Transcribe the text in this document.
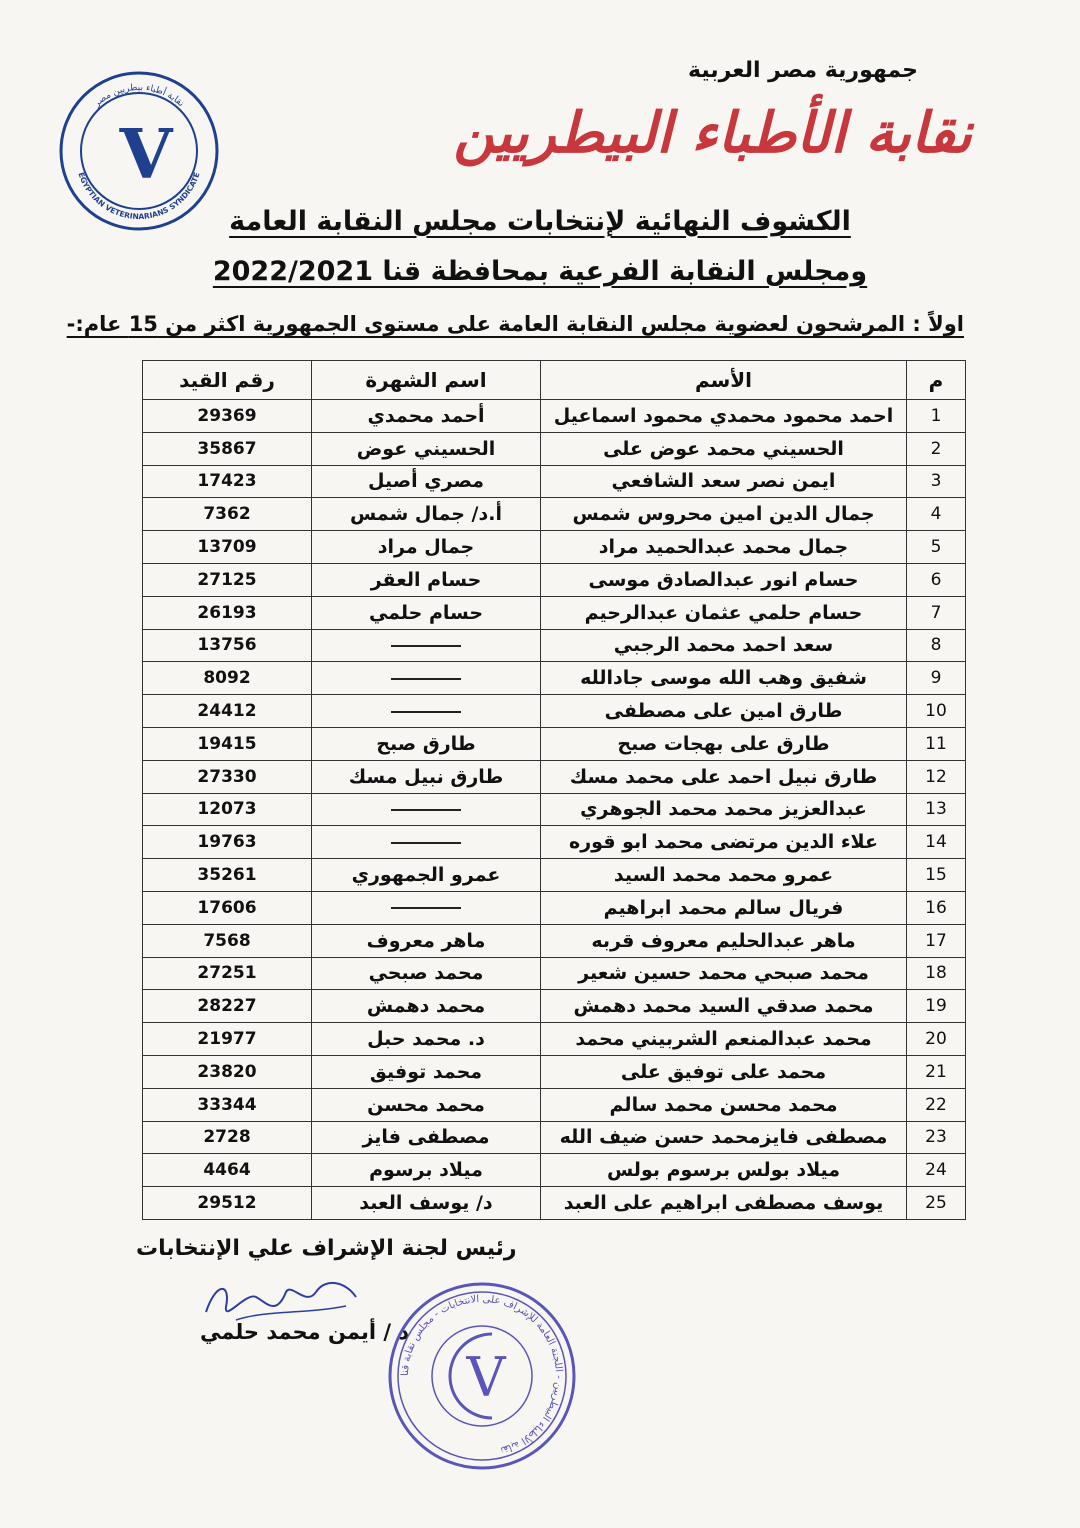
جمهورية مصر العربية
نقابة الأطباء البيطريين
V
نقابة أطباء بيطريين مصر
EGYPTIAN VETERINARIANS SYNDICATE
الكشوف النهائية لإنتخابات مجلس النقابة العامة
ومجلس النقابة الفرعية بمحافظة قنا 2022/2021
اولاً : المرشحون لعضوية مجلس النقابة العامة على مستوى الجمهورية اكثر من 15 عام:-
م	الأسم	اسم الشهرة	رقم القيد
1	احمد محمود محمدي محمود اسماعيل	أحمد محمدي	29369
2	الحسيني محمد عوض على	الحسيني عوض	35867
3	ايمن نصر سعد الشافعي	مصري أصيل	17423
4	جمال الدين امين محروس شمس	أ.د/ جمال شمس	7362
5	جمال محمد عبدالحميد مراد	جمال مراد	13709
6	حسام انور عبدالصادق موسى	حسام العقر	27125
7	حسام حلمي عثمان عبدالرحيم	حسام حلمي	26193
8	سعد احمد محمد الرجبي		13756
9	شفيق وهب الله موسى جادالله		8092
10	طارق امين على مصطفى		24412
11	طارق على بهجات صبح	طارق صبح	19415
12	طارق نبيل احمد على محمد مسك	طارق نبيل مسك	27330
13	عبدالعزيز محمد محمد الجوهري		12073
14	علاء الدين مرتضى محمد ابو قوره		19763
15	عمرو محمد محمد السيد	عمرو الجمهوري	35261
16	فريال سالم محمد ابراهيم		17606
17	ماهر عبدالحليم معروف قربه	ماهر معروف	7568
18	محمد صبحي محمد حسين شعير	محمد صبحي	27251
19	محمد صدقي السيد محمد دهمش	محمد دهمش	28227
20	محمد عبدالمنعم الشربيني محمد	د. محمد حبل	21977
21	محمد على توفيق على	محمد توفيق	23820
22	محمد محسن محمد سالم	محمد محسن	33344
23	مصطفى فايزمحمد حسن ضيف الله	مصطفى فايز	2728
24	ميلاد بولس برسوم بولس	ميلاد برسوم	4464
25	يوسف مصطفى ابراهيم على العبد	د/ يوسف العبد	29512
رئيس لجنة الإشراف علي الإنتخابات
د / أيمن محمد حلمي
V
نقابة الأطباء البيطريين - اللجنة العامة للإشراف على الانتخابات - مجلس نقابة قنا
